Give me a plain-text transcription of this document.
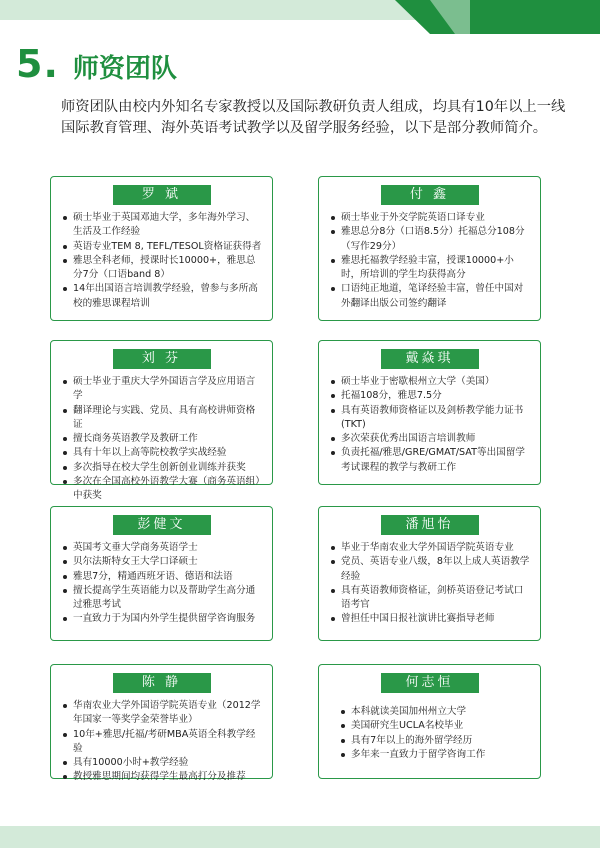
5. 师资团队
师资团队由校内外知名专家教授以及国际教研负责人组成，均具有10年以上一线国际教育管理、海外英语考试教学以及留学服务经验，以下是部分教师简介。
罗 斌
硕士毕业于英国邓迪大学，多年海外学习、生活及工作经验
英语专业TEM 8, TEFL/TESOL资格证获得者
雅思全科老师，授课时长10000+，雅思总分7分（口语band 8）
14年出国语言培训教学经验，曾参与多所高校的雅思课程培训
付 鑫
硕士毕业于外交学院英语口译专业
雅思总分8分（口语8.5分）托福总分108分（写作29分）
雅思托福教学经验丰富，授课10000+小时，所培训的学生均获得高分
口语纯正地道，笔译经验丰富，曾任中国对外翻译出版公司签约翻译
刘 芬
硕士毕业于重庆大学外国语言学及应用语言学
翻译理论与实践、党员、具有高校讲师资格证
擅长商务英语教学及教研工作
具有十年以上高等院校教学实战经验
多次指导在校大学生创新创业训练并获奖
多次在全国高校外语教学大赛（商务英语组）中获奖
戴焱琪
硕士毕业于密歇根州立大学（美国）
托福108分，雅思7.5分
具有英语教师资格证以及剑桥教学能力证书(TKT)
多次荣获优秀出国语言培训教师
负责托福/雅思/GRE/GMAT/SAT等出国留学考试课程的教学与教研工作
彭健文
英国考文垂大学商务英语学士
贝尔法斯特女王大学口译硕士
雅思7分，精通西班牙语、德语和法语
擅长提高学生英语能力以及帮助学生高分通过雅思考试
一直致力于为国内外学生提供留学咨询服务
潘旭怡
毕业于华南农业大学外国语学院英语专业
党员、英语专业八级，8年以上成人英语教学经验
具有英语教师资格证，剑桥英语登记考试口语考官
曾担任中国日报社演讲比赛指导老师
陈 静
华南农业大学外国语学院英语专业（2012学年国家一等奖学金荣誉毕业）
10年+雅思/托福/考研MBA英语全科教学经验
具有10000小时+教学经验
教授雅思期间均获得学生最高打分及推荐
何志恒
本科就读美国加州州立大学
美国研究生UCLA名校毕业
具有7年以上的海外留学经历
多年来一直致力于留学咨询工作
